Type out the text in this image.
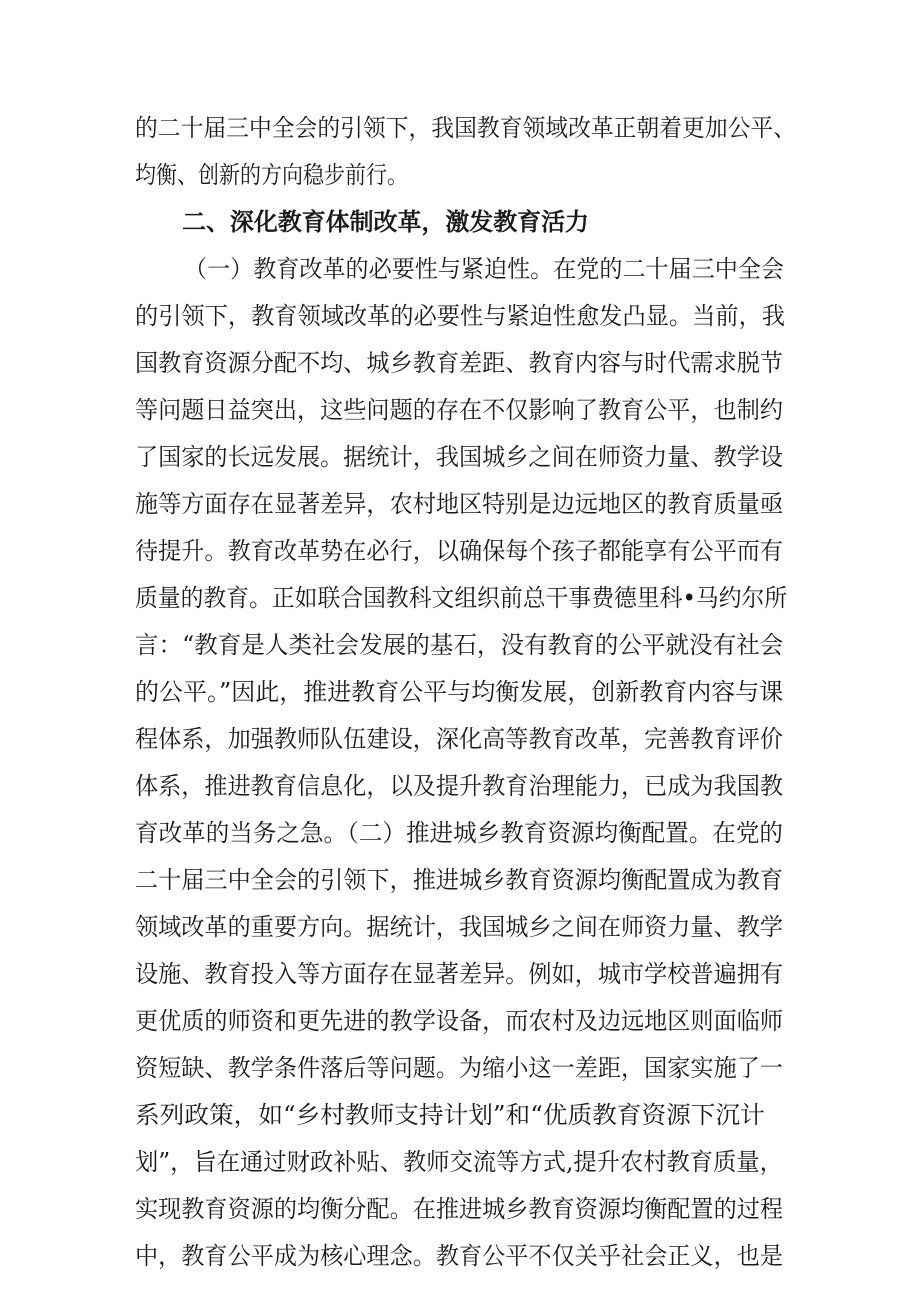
的二十届三中全会的引领下，我国教育领域改革正朝着更加公平、
均衡、创新的方向稳步前行。
二、深化教育体制改革，激发教育活力
（一）教育改革的必要性与紧迫性。在党的二十届三中全会
的引领下，教育领域改革的必要性与紧迫性愈发凸显。当前，我
国教育资源分配不均、城乡教育差距、教育内容与时代需求脱节
等问题日益突出，这些问题的存在不仅影响了教育公平，也制约
了国家的长远发展。据统计，我国城乡之间在师资力量、教学设
施等方面存在显著差异，农村地区特别是边远地区的教育质量亟
待提升。教育改革势在必行，以确保每个孩子都能享有公平而有
质量的教育。正如联合国教科文组织前总干事费德里科•马约尔所
言：“教育是人类社会发展的基石，没有教育的公平就没有社会
的公平。”因此，推进教育公平与均衡发展，创新教育内容与课
程体系，加强教师队伍建设，深化高等教育改革，完善教育评价
体系，推进教育信息化，以及提升教育治理能力，已成为我国教
育改革的当务之急。（二）推进城乡教育资源均衡配置。在党的
二十届三中全会的引领下，推进城乡教育资源均衡配置成为教育
领域改革的重要方向。据统计，我国城乡之间在师资力量、教学
设施、教育投入等方面存在显著差异。例如，城市学校普遍拥有
更优质的师资和更先进的教学设备，而农村及边远地区则面临师
资短缺、教学条件落后等问题。为缩小这一差距，国家实施了一
系列政策，如“乡村教师支持计划”和“优质教育资源下沉计
划”，旨在通过财政补贴、教师交流等方式,提升农村教育质量，
实现教育资源的均衡分配。在推进城乡教育资源均衡配置的过程
中，教育公平成为核心理念。教育公平不仅关乎社会正义，也是
